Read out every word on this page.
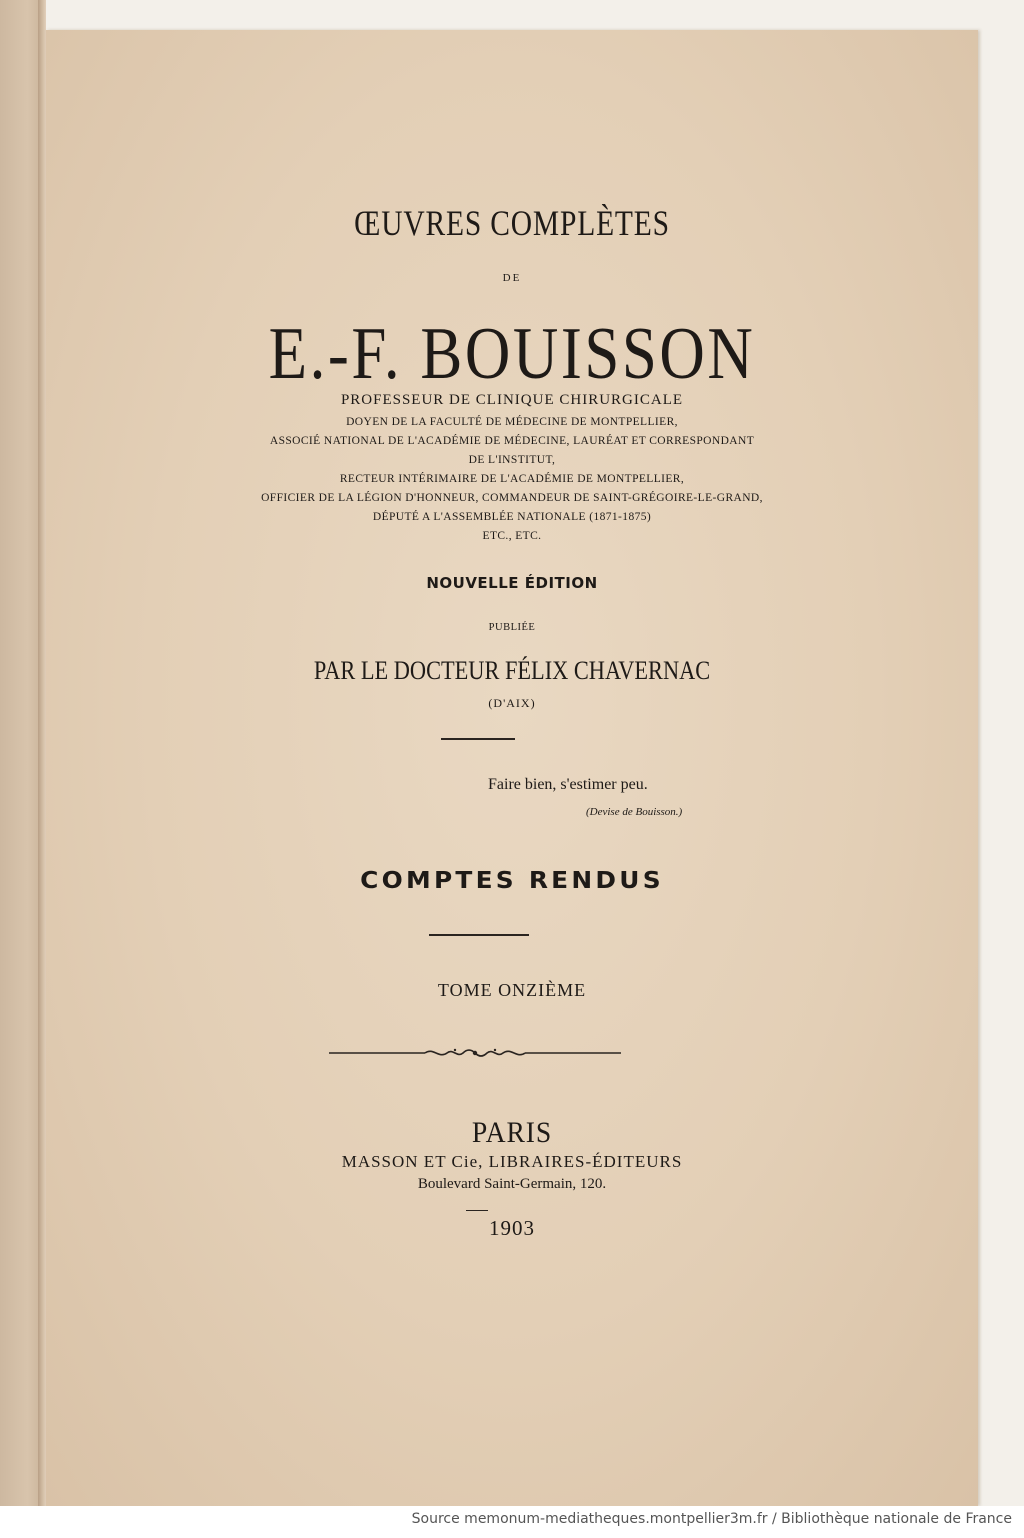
ŒUVRES COMPLÈTES
DE
E.-F. BOUISSON
PROFESSEUR DE CLINIQUE CHIRURGICALE
DOYEN DE LA FACULTÉ DE MÉDECINE DE MONTPELLIER,
ASSOCIÉ NATIONAL DE L'ACADÉMIE DE MÉDECINE, LAURÉAT ET CORRESPONDANT
DE L'INSTITUT,
RECTEUR INTÉRIMAIRE DE L'ACADÉMIE DE MONTPELLIER,
OFFICIER DE LA LÉGION D'HONNEUR, COMMANDEUR DE SAINT-GRÉGOIRE-LE-GRAND,
DÉPUTÉ A L'ASSEMBLÉE NATIONALE (1871-1875)
ETC., ETC.
NOUVELLE ÉDITION
PUBLIÉE
PAR LE DOCTEUR FÉLIX CHAVERNAC
(D'AIX)
Faire bien, s'estimer peu.
(Devise de Bouisson.)
COMPTES RENDUS
TOME ONZIÈME
PARIS
MASSON ET Cie, LIBRAIRES-ÉDITEURS
Boulevard Saint-Germain, 120.
1903
Source memonum-mediatheques.montpellier3m.fr / Bibliothèque nationale de France
